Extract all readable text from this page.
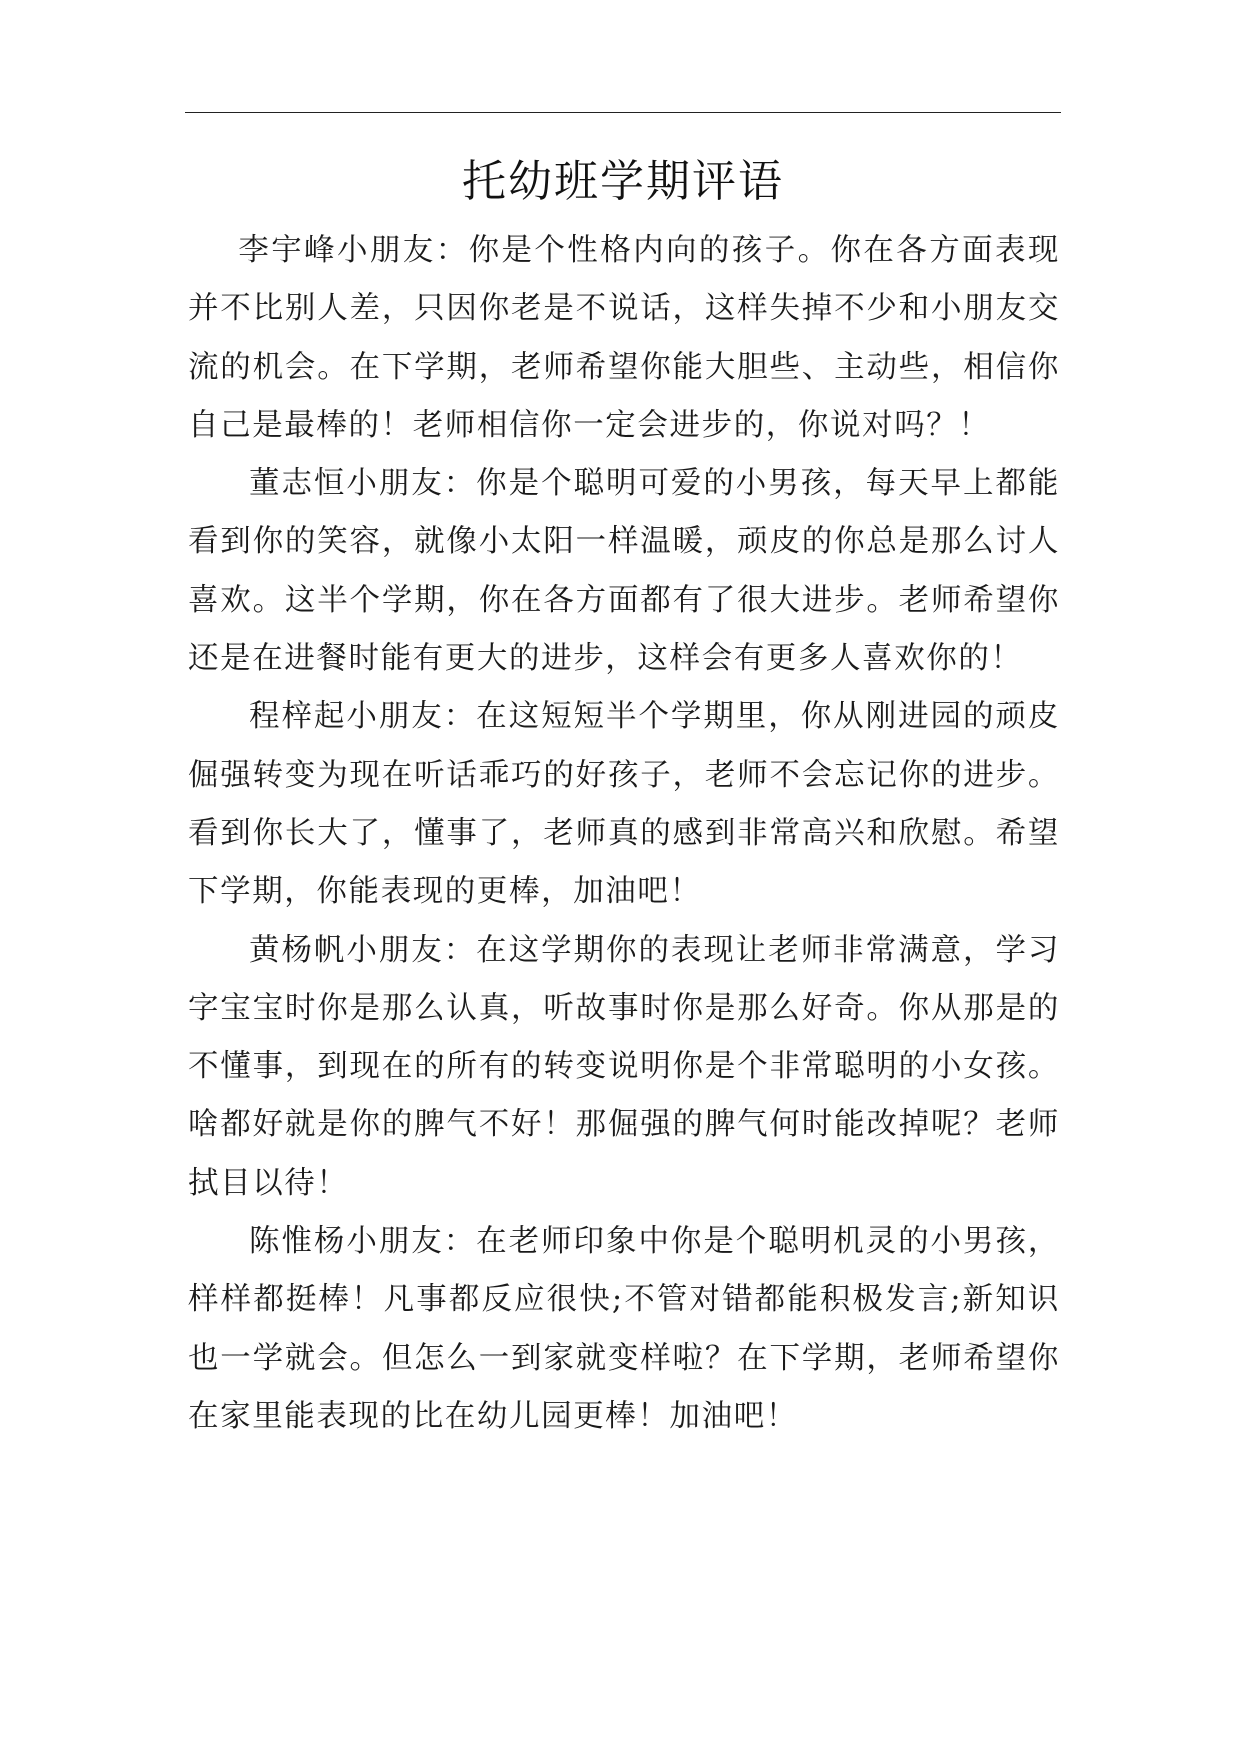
托幼班学期评语

李宇峰小朋友：你是个性格内向的孩子。你在各方面表现并不比别人差，只因你老是不说话，这样失掉不少和小朋友交流的机会。在下学期，老师希望你能大胆些、主动些，相信你自己是最棒的！老师相信你一定会进步的，你说对吗？！

董志恒小朋友：你是个聪明可爱的小男孩，每天早上都能看到你的笑容，就像小太阳一样温暖，顽皮的你总是那么讨人喜欢。这半个学期，你在各方面都有了很大进步。老师希望你还是在进餐时能有更大的进步，这样会有更多人喜欢你的！

程梓起小朋友：在这短短半个学期里，你从刚进园的顽皮倔强转变为现在听话乖巧的好孩子，老师不会忘记你的进步。看到你长大了，懂事了，老师真的感到非常高兴和欣慰。希望下学期，你能表现的更棒，加油吧！

黄杨帆小朋友：在这学期你的表现让老师非常满意，学习字宝宝时你是那么认真，听故事时你是那么好奇。你从那是的不懂事，到现在的所有的转变说明你是个非常聪明的小女孩。啥都好就是你的脾气不好！那倔强的脾气何时能改掉呢？老师拭目以待！

陈惟杨小朋友：在老师印象中你是个聪明机灵的小男孩，样样都挺棒！凡事都反应很快;不管对错都能积极发言;新知识也一学就会。但怎么一到家就变样啦？在下学期，老师希望你在家里能表现的比在幼儿园更棒！加油吧！
